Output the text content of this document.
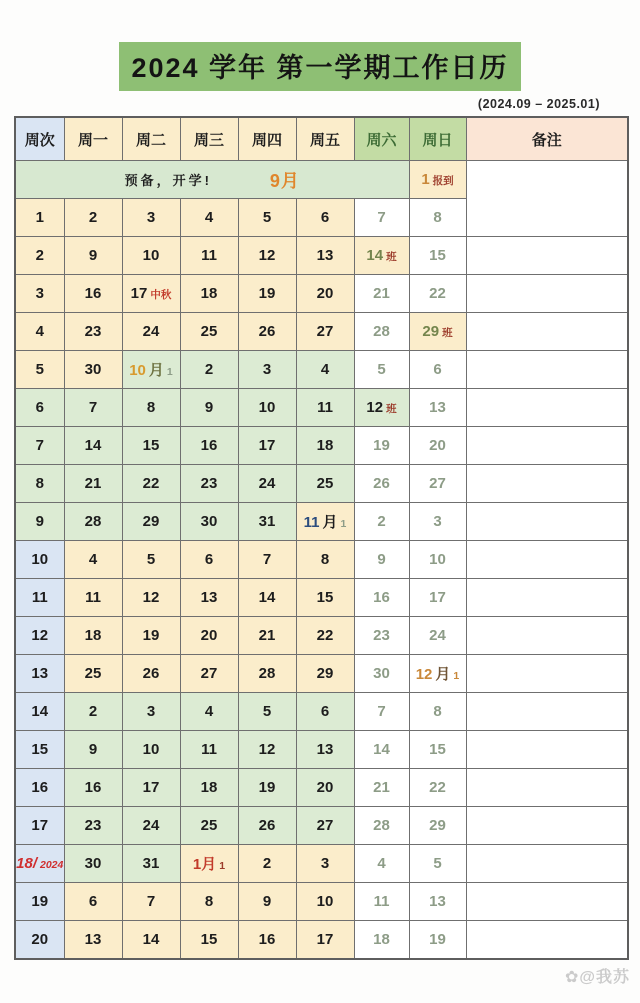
2024 学年 第一学期工作日历
(2024.09 – 2025.01)
周次	周一	周二	周三	周四	周五	周六	周日	备注

预备，开学! 9月							1 报到	
1	2	3	4	5	6	7	8	
2	9	10	11	12	13	14 班	15	
3	16	17 中秋	18	19	20	21	22	
4	23	24	25	26	27	28	29 班	
5	30	10 月 1	2	3	4	5	6	
6	7	8	9	10	11	12 班	13	
7	14	15	16	17	18	19	20	
8	21	22	23	24	25	26	27	
9	28	29	30	31	11 月 1	2	3	
10	4	5	6	7	8	9	10	
11	11	12	13	14	15	16	17	
12	18	19	20	21	22	23	24	
13	25	26	27	28	29	30	12 月 1	
14	2	3	4	5	6	7	8	
15	9	10	11	12	13	14	15	
16	16	17	18	19	20	21	22	
17	23	24	25	26	27	28	29	
18/ 2024	30	31	1月 1	2	3	4	5	
19	6	7	8	9	10	11	13	
20	13	14	15	16	17	18	19	
✿@我苏
